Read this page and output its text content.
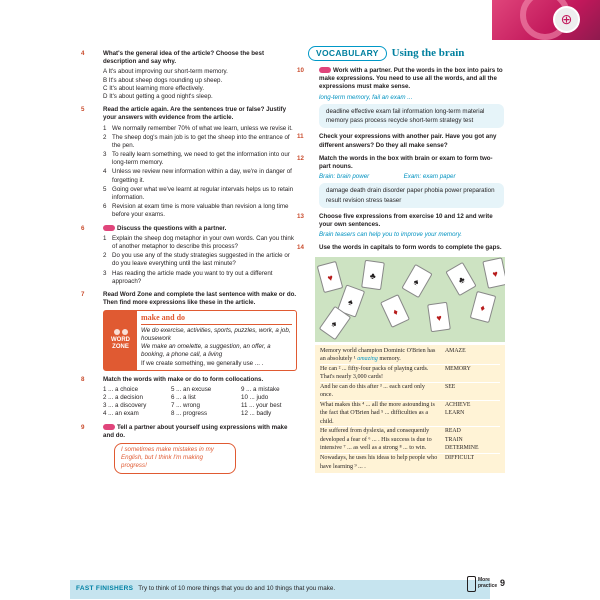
⊕
4	What's the general idea of the article? Choose the best description and say why.
A It's about improving our short-term memory.
B It's about sheep dogs rounding up sheep.
C It's about learning more effectively.
D It's about getting a good night's sleep.
5	Read the article again. Are the sentences true or false? Justify your answers with evidence from the article.
1 We normally remember 70% of what we learn, unless we revise it.
2 The sheep dog's main job is to get the sheep into the entrance of the pen.
3 To really learn something, we need to get the information into our long-term memory.
4 Unless we review new information within a day, we're in danger of forgetting it.
5 Going over what we've learnt at regular intervals helps us to retain information.
6 Revision at exam time is more valuable than revision a long time before your exams.
6	Discuss the questions with a partner.
1 Explain the sheep dog metaphor in your own words. Can you think of another metaphor to describe this process?
2 Do you use any of the study strategies suggested in the article or do you leave everything until the last minute?
3 Has reading the article made you want to try out a different approach?
7	Read Word Zone and complete the last sentence with make or do. Then find more expressions like these in the article.
WORD
ZONE
make and do
We do exercise, activities, sports, puzzles, work, a job, housework
We make an omelette, a suggestion, an offer, a booking, a phone call, a living
If we create something, we generally use ... .
8	Match the words with make or do to form collocations.
1 ... a choice	5 ... an excuse	9 ... a mistake
2 ... a decision	6 ... a list	10 ... judo
3 ... a discovery	7 ... wrong	11 ... your best
4 ... an exam	8 ... progress	12 ... badly
9	Tell a partner about yourself using expressions with make and do.
I sometimes make mistakes in my English, but I think I'm making progress!
VOCABULARY	Using the brain
10	Work with a partner. Put the words in the box into pairs to make expressions. You need to use all the words, and all the expressions must make sense.
long-term memory, fail an exam ...
deadline effective exam fail information long-term material memory pass process recycle short-term strategy test
11 Check your expressions with another pair. Have you got any different answers? Do they all make sense?
12 Match the words in the box with brain or exam to form two-part nouns.
Brain: brain power                    Exam: exam paper
damage death drain disorder paper phobia power preparation result revision stress teaser
13 Choose five expressions from exercise 10 and 12 and write your own sentences.
Brain teasers can help you to improve your memory.
14 Use the words in capitals to form words to complete the gaps.
♥
♠
♣
♦
♠
♥
♣
♦
♠
♥
Memory world champion Dominic O'Brien has an absolutely ¹ amazing memory.
AMAZE
He can ² ... fifty-four packs of playing cards. That's nearly 3,000 cards!
MEMORY
And he can do this after ³ ... each card only once.
SEE
What makes this ⁴ ... all the more astounding is the fact that O'Brien had ⁵ ... difficulties as a child.
ACHIEVE
LEARN
He suffered from dyslexia, and consequently developed a fear of ⁶ ... . His success is due to intensive ⁷ ... as well as a strong ⁸ ... to win.
READ
TRAIN
DETERMINE
Nowadays, he uses his ideas to help people who have learning ⁹ ... .
DIFFICULT
FAST FINISHERS Try to think of 10 more things that you do and 10 things that you make.
More
practice 9
